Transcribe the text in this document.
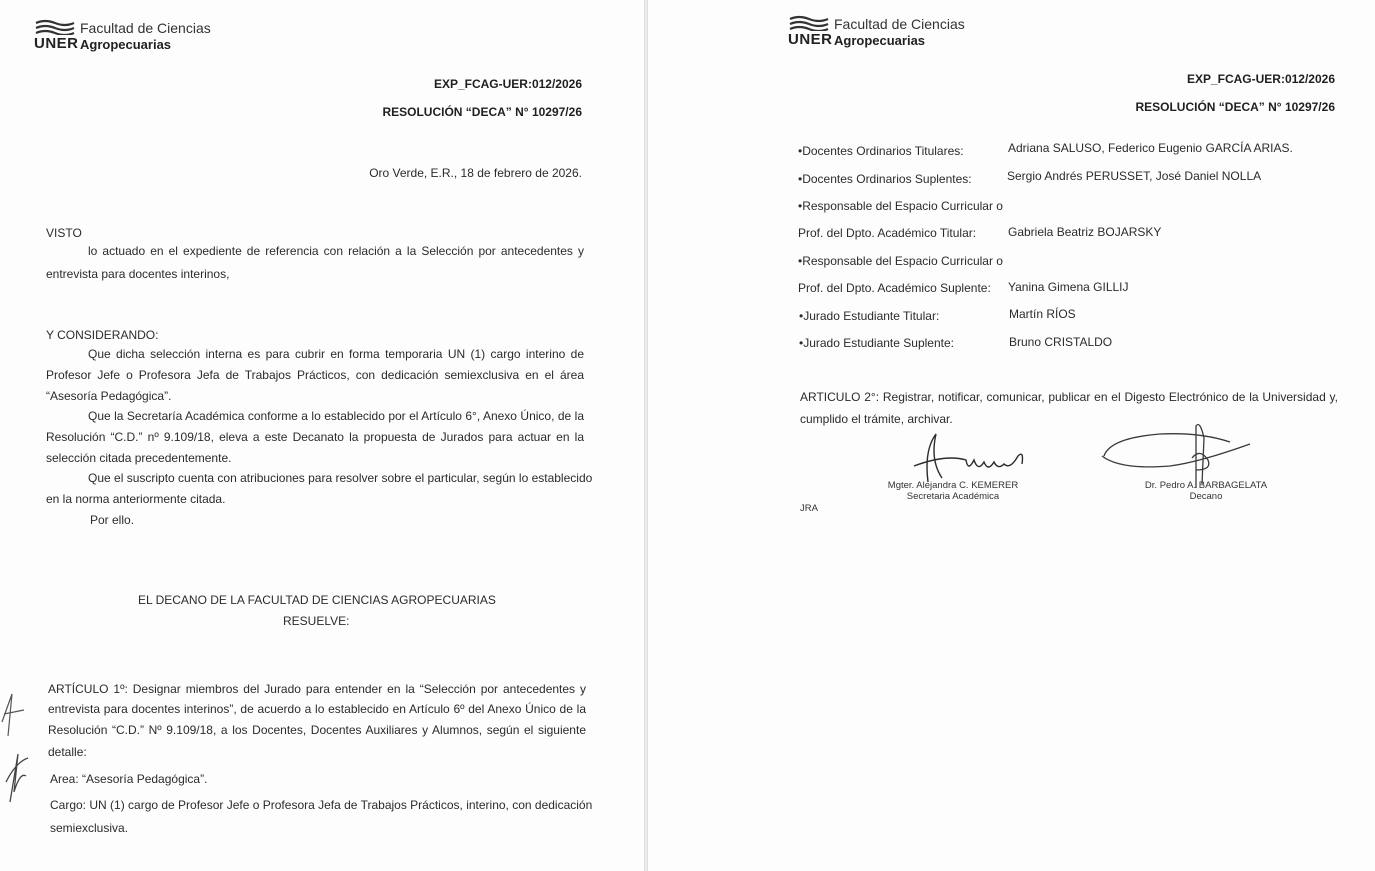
UNER
Facultad de Ciencias
Agropecuarias
EXP_FCAG-UER:012/2026
RESOLUCIÓN “DECA” N° 10297/26
Oro Verde, E.R., 18 de febrero de 2026.
VISTO
lo actuado en el expediente de referencia con relación a la Selección por antecedentes y
entrevista para docentes interinos,
Y CONSIDERANDO:
Que dicha selección interna es para cubrir en forma temporaria UN (1) cargo interino de
Profesor Jefe o Profesora Jefa de Trabajos Prácticos, con dedicación semiexclusiva en el área
“Asesoría Pedagógica”.
Que la Secretaría Académica conforme a lo establecido por el Artículo 6°, Anexo Único, de la
Resolución “C.D.” nº 9.109/18, eleva a este Decanato la propuesta de Jurados para actuar en la
selección citada precedentemente.
Que el suscripto cuenta con atribuciones para resolver sobre el particular, según lo establecido
en la norma anteriormente citada.
Por ello.
EL DECANO DE LA FACULTAD DE CIENCIAS AGROPECUARIAS
RESUELVE:
ARTÍCULO 1º: Designar miembros del Jurado para entender en la “Selección por antecedentes y
entrevista para docentes interinos”, de acuerdo a lo establecido en Artículo 6º del Anexo Único de la
Resolución “C.D.” Nº 9.109/18, a los Docentes, Docentes Auxiliares y Alumnos, según el siguiente
detalle:
Area: “Asesoría Pedagógica”.
Cargo: UN (1) cargo de Profesor Jefe o Profesora Jefa de Trabajos Prácticos, interino, con dedicación
semiexclusiva.
UNER
Facultad de Ciencias
Agropecuarias
EXP_FCAG-UER:012/2026
RESOLUCIÓN “DECA” N° 10297/26
•Docentes Ordinarios Titulares:	Adriana SALUSO, Federico Eugenio GARCÍA ARIAS.
•Docentes Ordinarios Suplentes:	Sergio Andrés PERUSSET, José Daniel NOLLA
•Responsable del Espacio Curricular o
Prof. del Dpto. Académico Titular:	Gabriela Beatriz BOJARSKY
•Responsable del Espacio Curricular o
Prof. del Dpto. Académico Suplente: Yanina Gimena GILLIJ
•Jurado Estudiante Titular:	Martín RÍOS
•Jurado Estudiante Suplente:	Bruno CRISTALDO
ARTICULO 2°: Registrar, notificar, comunicar, publicar en el Digesto Electrónico de la Universidad y,
cumplido el trámite, archivar.
Mgter. Alejandra C. KEMERER
Secretaria Académica
Dr. Pedro A. BARBAGELATA
Decano
JRA
